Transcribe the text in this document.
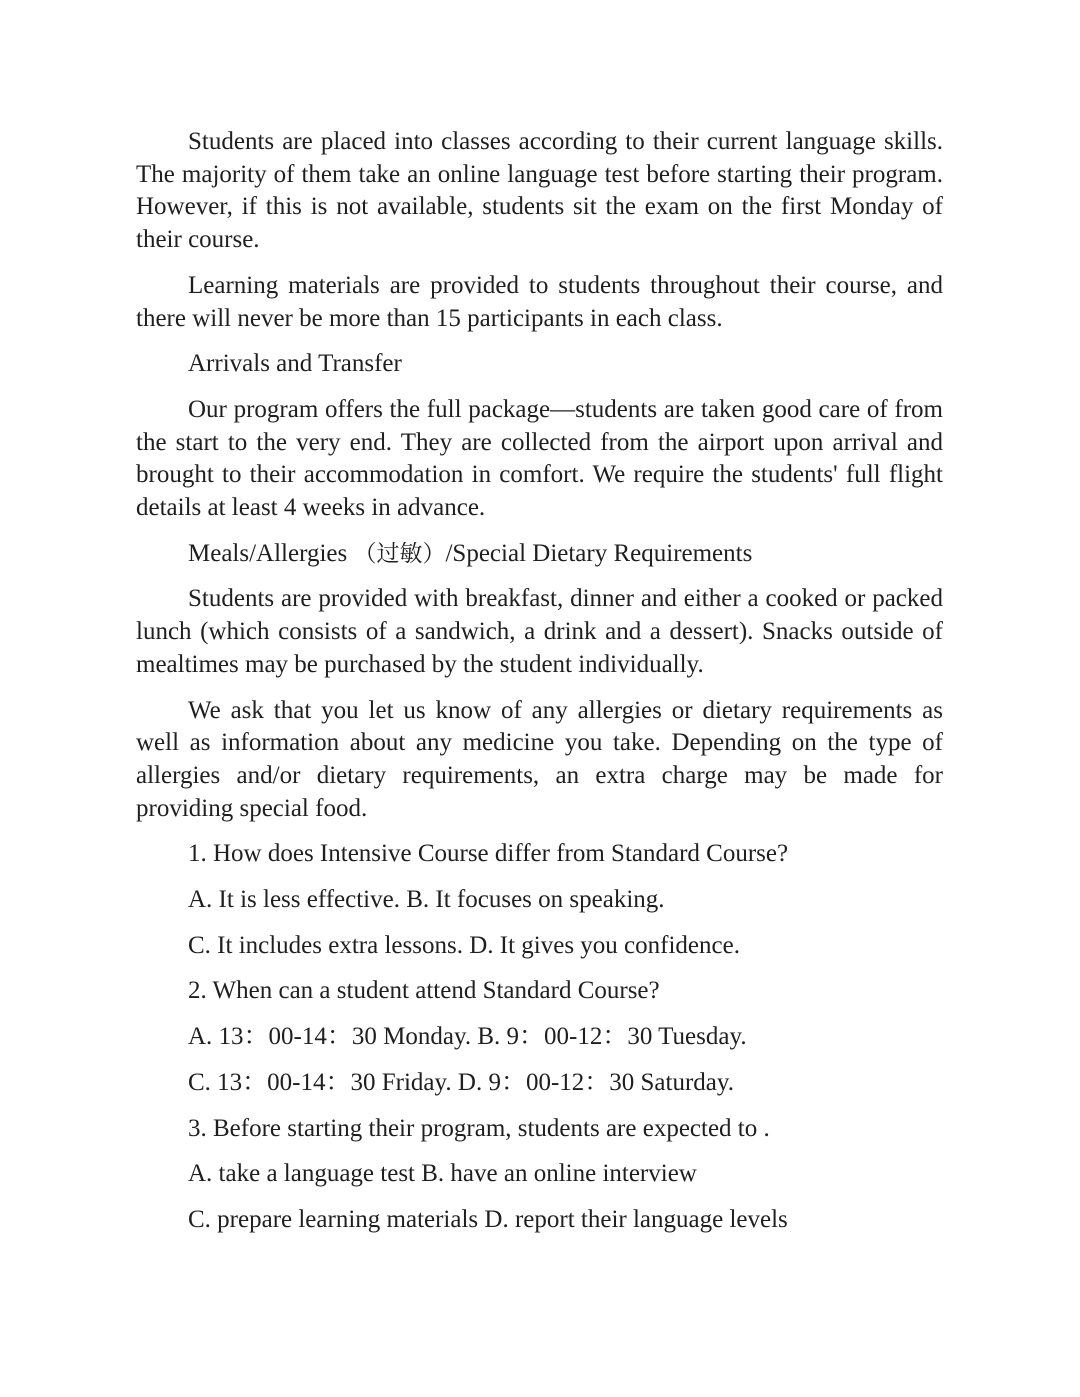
Students are placed into classes according to their current language skills. The majority of them take an online language test before starting their program. However, if this is not available, students sit the exam on the first Monday of their course.

Learning materials are provided to students throughout their course, and there will never be more than 15 participants in each class.

Arrivals and Transfer

Our program offers the full package—students are taken good care of from the start to the very end. They are collected from the airport upon arrival and brought to their accommodation in comfort. We require the students' full flight details at least 4 weeks in advance.

Meals/Allergies （过敏）/Special Dietary Requirements

Students are provided with breakfast, dinner and either a cooked or packed lunch (which consists of a sandwich, a drink and a dessert). Snacks outside of mealtimes may be purchased by the student individually.

We ask that you let us know of any allergies or dietary requirements as well as information about any medicine you take. Depending on the type of allergies and/or dietary requirements, an extra charge may be made for providing special food.

1. How does Intensive Course differ from Standard Course?
A. It is less effective. B. It focuses on speaking.
C. It includes extra lessons. D. It gives you confidence.
2. When can a student attend Standard Course?
A. 13：00-14：30 Monday. B. 9：00-12：30 Tuesday.
C. 13：00-14：30 Friday. D. 9：00-12：30 Saturday.
3. Before starting their program, students are expected to .
A. take a language test B. have an online interview
C. prepare learning materials D. report their language levels
